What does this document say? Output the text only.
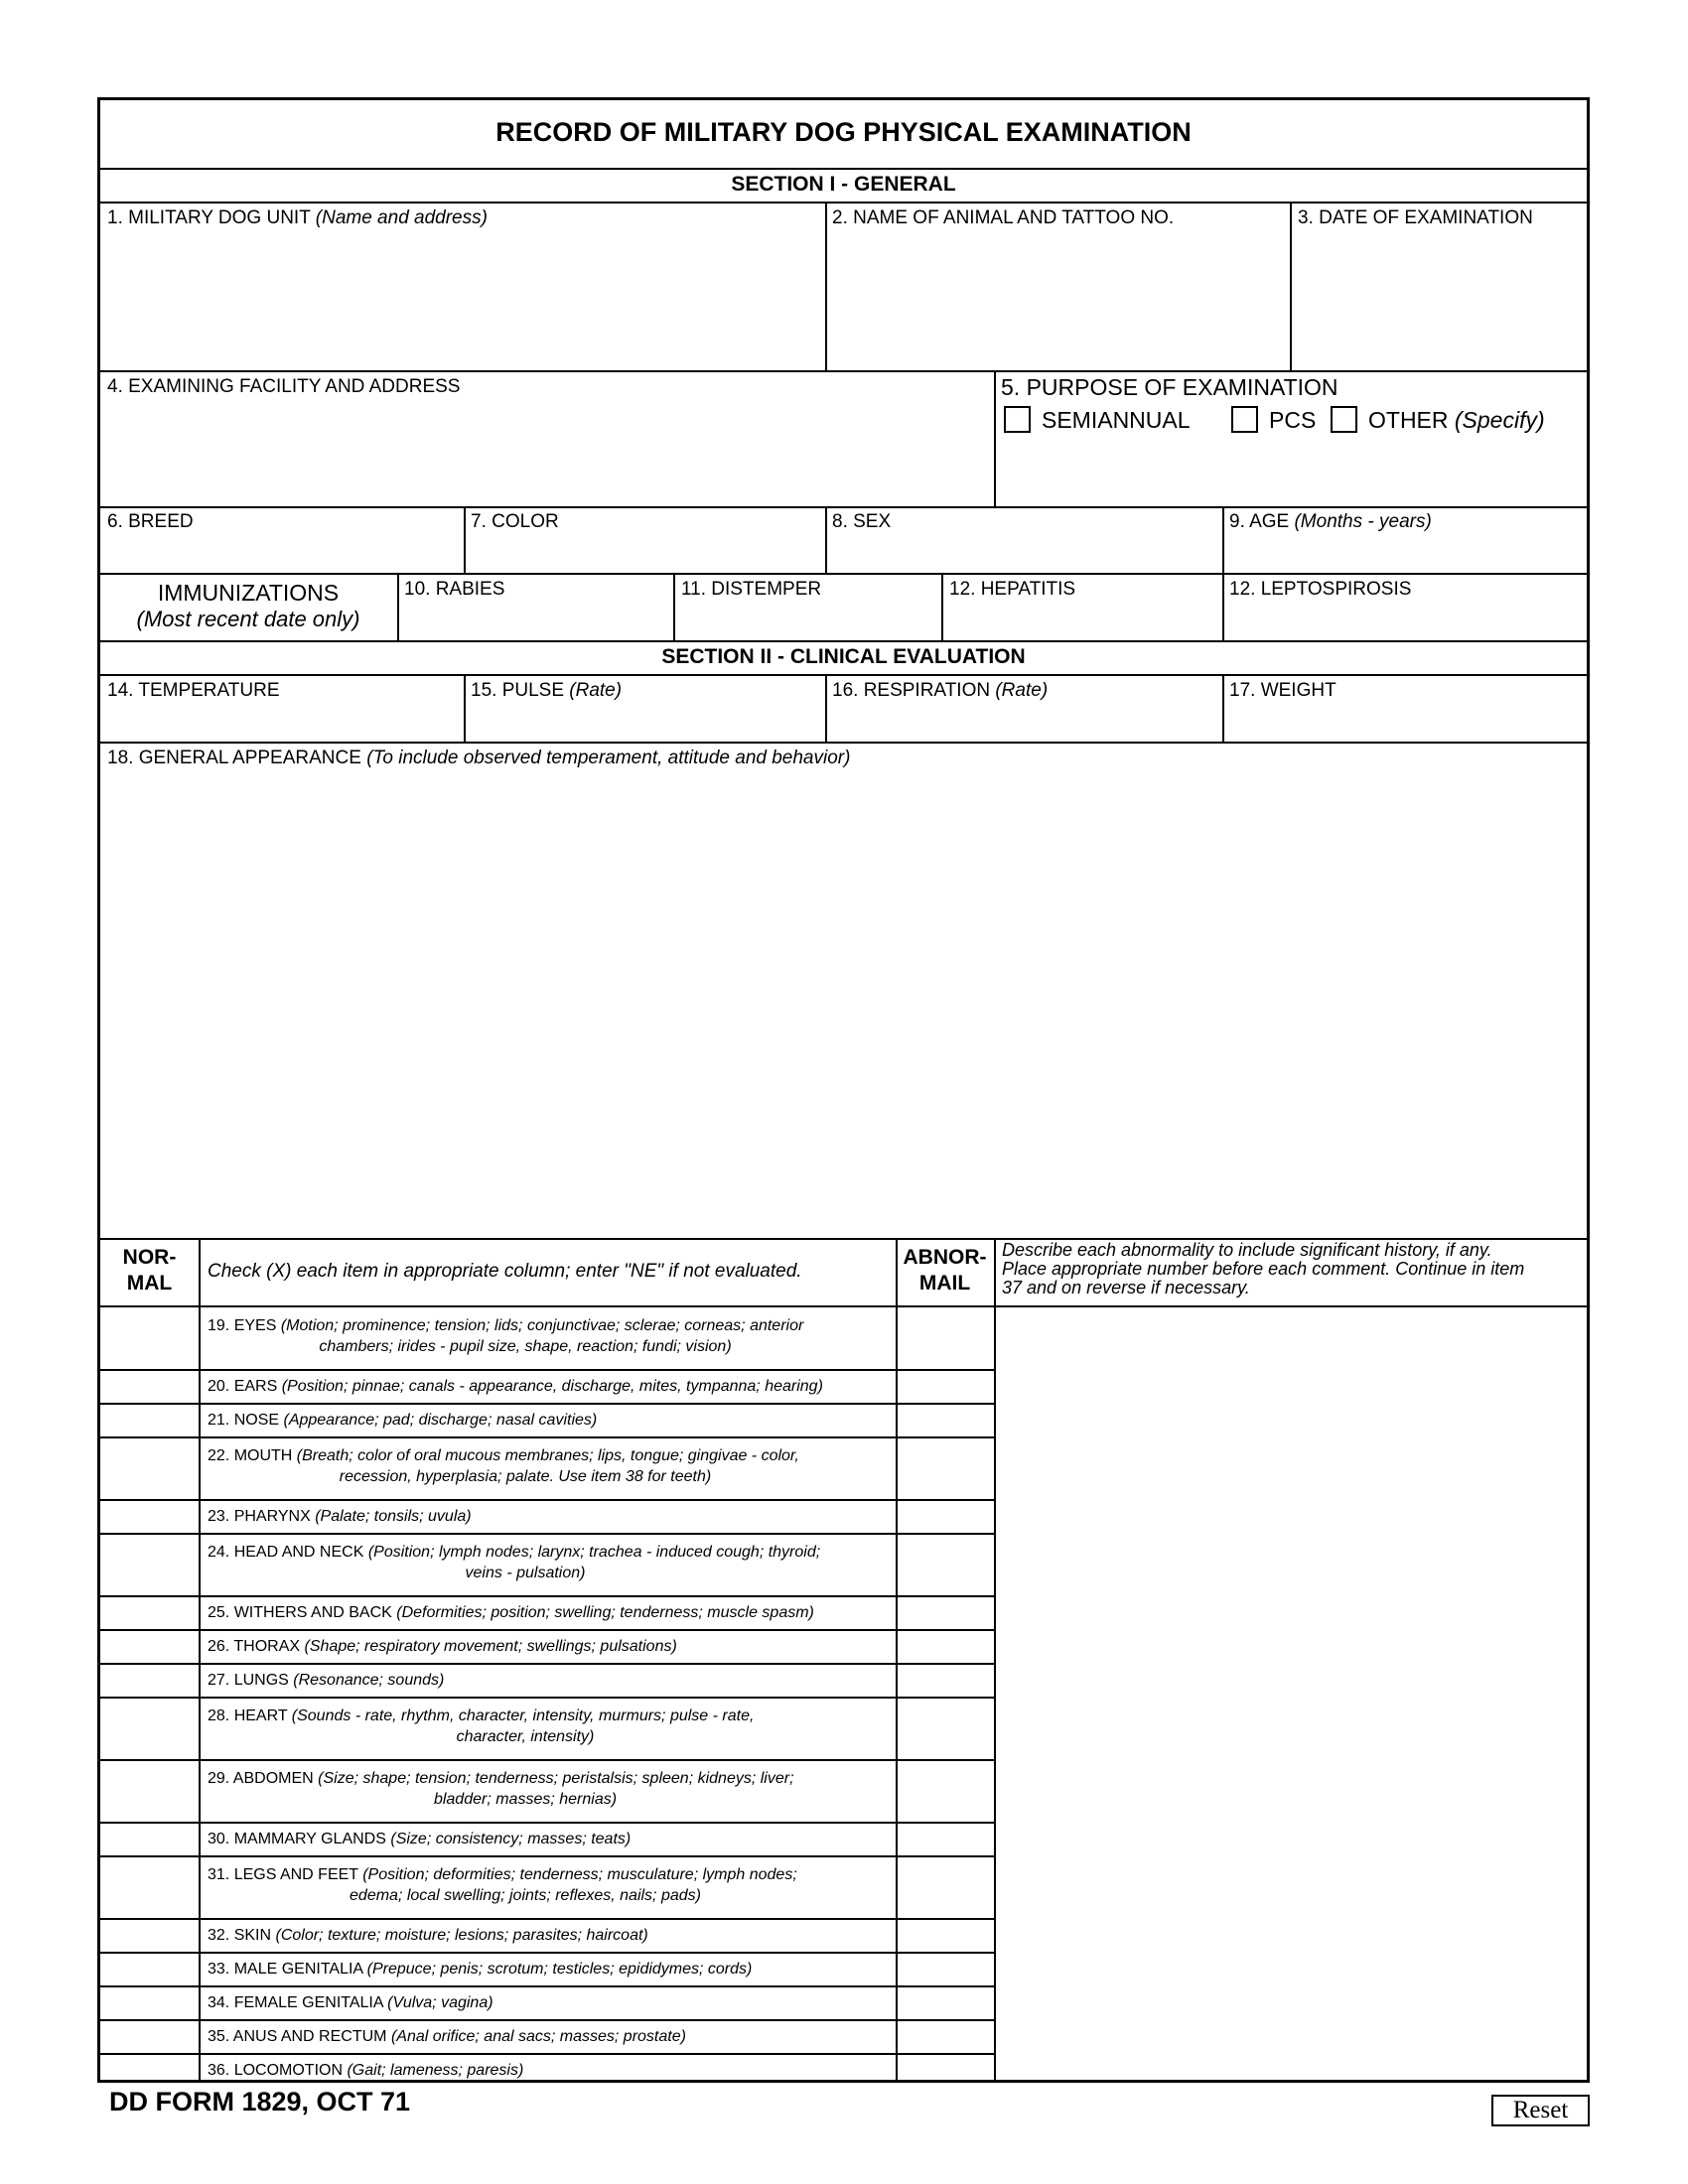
RECORD OF MILITARY DOG PHYSICAL EXAMINATION
SECTION I - GENERAL
1. MILITARY DOG UNIT (Name and address)	2. NAME OF ANIMAL AND TATTOO NO.	3. DATE OF EXAMINATION
4. EXAMINING FACILITY AND ADDRESS	5. PURPOSE OF EXAMINATION
SEMIANNUAL	PCS OTHER (Specify)
6. BREED	7. COLOR	8. SEX	9. AGE (Months - years)
IMMUNIZATIONS
(Most recent date only)
10. RABIES	11. DISTEMPER	12. HEPATITIS	12. LEPTOSPIROSIS
SECTION II - CLINICAL EVALUATION
14. TEMPERATURE	15. PULSE (Rate)	16. RESPIRATION (Rate)	17. WEIGHT
18. GENERAL APPEARANCE (To include observed temperament, attitude and behavior)
NOR-
MAL
Check (X) each item in appropriate column; enter "NE" if not evaluated.
ABNOR-
MAIL
Describe each abnormality to include significant history, if any.
Place appropriate number before each comment. Continue in item
37 and on reverse if necessary.
19. EYES (Motion; prominence; tension; lids; conjunctivae; sclerae; corneas; anterior
chambers; irides - pupil size, shape, reaction; fundi; vision)
20. EARS (Position; pinnae; canals - appearance, discharge, mites, tympanna; hearing)
21. NOSE (Appearance; pad; discharge; nasal cavities)
22. MOUTH (Breath; color of oral mucous membranes; lips, tongue; gingivae - color,
recession, hyperplasia; palate. Use item 38 for teeth)
23. PHARYNX (Palate; tonsils; uvula)
24. HEAD AND NECK (Position; lymph nodes; larynx; trachea - induced cough; thyroid;
veins - pulsation)
25. WITHERS AND BACK (Deformities; position; swelling; tenderness; muscle spasm)
26. THORAX (Shape; respiratory movement; swellings; pulsations)
27. LUNGS (Resonance; sounds)
28. HEART (Sounds - rate, rhythm, character, intensity, murmurs; pulse - rate,
character, intensity)
29. ABDOMEN (Size; shape; tension; tenderness; peristalsis; spleen; kidneys; liver;
bladder; masses; hernias)
30. MAMMARY GLANDS (Size; consistency; masses; teats)
31. LEGS AND FEET (Position; deformities; tenderness; musculature; lymph nodes;
edema; local swelling; joints; reflexes, nails; pads)
32. SKIN (Color; texture; moisture; lesions; parasites; haircoat)
33. MALE GENITALIA (Prepuce; penis; scrotum; testicles; epididymes; cords)
34. FEMALE GENITALIA (Vulva; vagina)
35. ANUS AND RECTUM (Anal orifice; anal sacs; masses; prostate)
36. LOCOMOTION (Gait; lameness; paresis)
DD FORM 1829, OCT 71	Reset
